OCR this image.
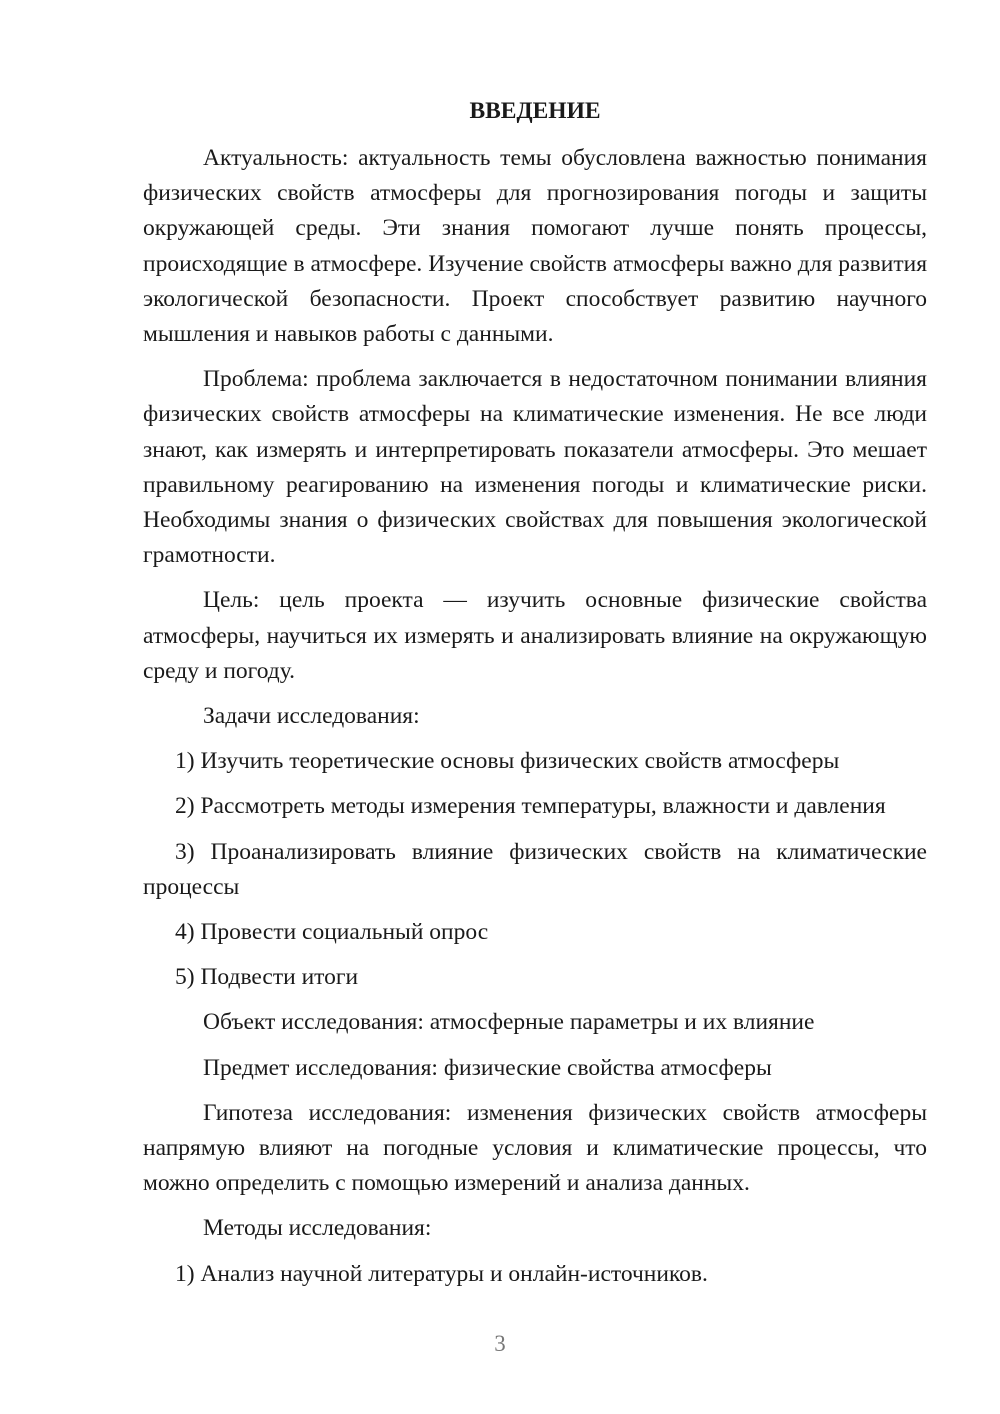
ВВЕДЕНИЕ

Актуальность: актуальность темы обусловлена важностью понимания физических свойств атмосферы для прогнозирования погоды и защиты окружающей среды. Эти знания помогают лучше понять процессы, происходящие в атмосфере. Изучение свойств атмосферы важно для развития экологической безопасности. Проект способствует развитию научного мышления и навыков работы с данными.

Проблема: проблема заключается в недостаточном понимании влияния физических свойств атмосферы на климатические изменения. Не все люди знают, как измерять и интерпретировать показатели атмосферы. Это мешает правильному реагированию на изменения погоды и климатические риски. Необходимы знания о физических свойствах для повышения экологической грамотности.

Цель: цель проекта — изучить основные физические свойства атмосферы, научиться их измерять и анализировать влияние на окружающую среду и погоду.

Задачи исследования:

1) Изучить теоретические основы физических свойств атмосферы

2) Рассмотреть методы измерения температуры, влажности и давления

3) Проанализировать влияние физических свойств на климатические процессы

4) Провести социальный опрос

5) Подвести итоги

Объект исследования: атмосферные параметры и их влияние

Предмет исследования: физические свойства атмосферы

Гипотеза исследования: изменения физических свойств атмосферы напрямую влияют на погодные условия и климатические процессы, что можно определить с помощью измерений и анализа данных.

Методы исследования:

1) Анализ научной литературы и онлайн-источников.

3
